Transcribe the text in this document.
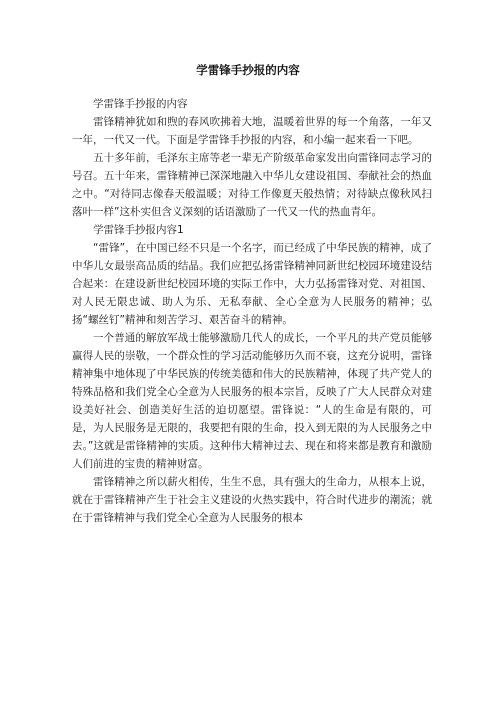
学雷锋手抄报的内容

学雷锋手抄报的内容

雷锋精神犹如和煦的春风吹拂着大地，温暖着世界的每一个角落，一年又一年，一代又一代。下面是学雷锋手抄报的内容，和小编一起来看一下吧。

五十多年前，毛泽东主席等老一辈无产阶级革命家发出向雷锋同志学习的号召。五十年来，雷锋精神已深深地融入中华儿女建设祖国、奉献社会的热血之中。“对待同志像春天般温暖；对待工作像夏天般热情；对待缺点像秋风扫落叶一样”这朴实但含义深刻的话语激励了一代又一代的热血青年。

学雷锋手抄报内容1

“雷锋”，在中国已经不只是一个名字，而已经成了中华民族的精神，成了中华儿女最崇高品质的结晶。我们应把弘扬雷锋精神同新世纪校园环境建设结合起来：在建设新世纪校园环境的实际工作中，大力弘扬雷锋对党、对祖国、对人民无限忠诚、助人为乐、无私奉献、全心全意为人民服务的精神；弘扬“螺丝钉”精神和刻苦学习、艰苦奋斗的精神。

一个普通的解放军战士能够激励几代人的成长，一个平凡的共产党员能够赢得人民的崇敬，一个群众性的学习活动能够历久而不衰，这充分说明，雷锋精神集中地体现了中华民族的传统美德和伟大的民族精神，体现了共产党人的特殊品格和我们党全心全意为人民服务的根本宗旨，反映了广大人民群众对建设美好社会、创造美好生活的迫切愿望。雷锋说：“人的生命是有限的，可是，为人民服务是无限的，我要把有限的生命，投入到无限的为人民服务之中去。”这就是雷锋精神的实质。这种伟大精神过去、现在和将来都是教育和激励人们前进的宝贵的精神财富。

雷锋精神之所以薪火相传，生生不息，具有强大的生命力，从根本上说，就在于雷锋精神产生于社会主义建设的火热实践中，符合时代进步的潮流；就在于雷锋精神与我们党全心全意为人民服务的根本
